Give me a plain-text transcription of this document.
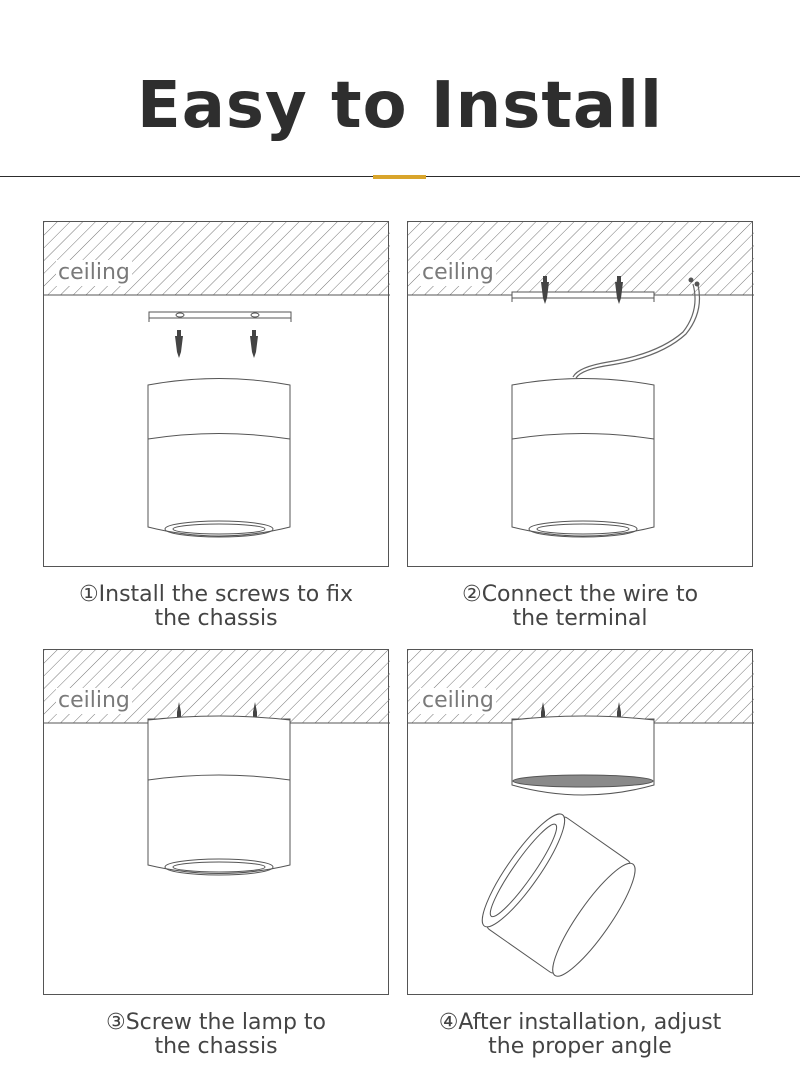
Easy to Install
ceiling
①Install the screws to fix
the chassis
ceiling
②Connect the wire to
the terminal
ceiling
③Screw the lamp to
the chassis
ceiling
④After installation, adjust
the proper angle
